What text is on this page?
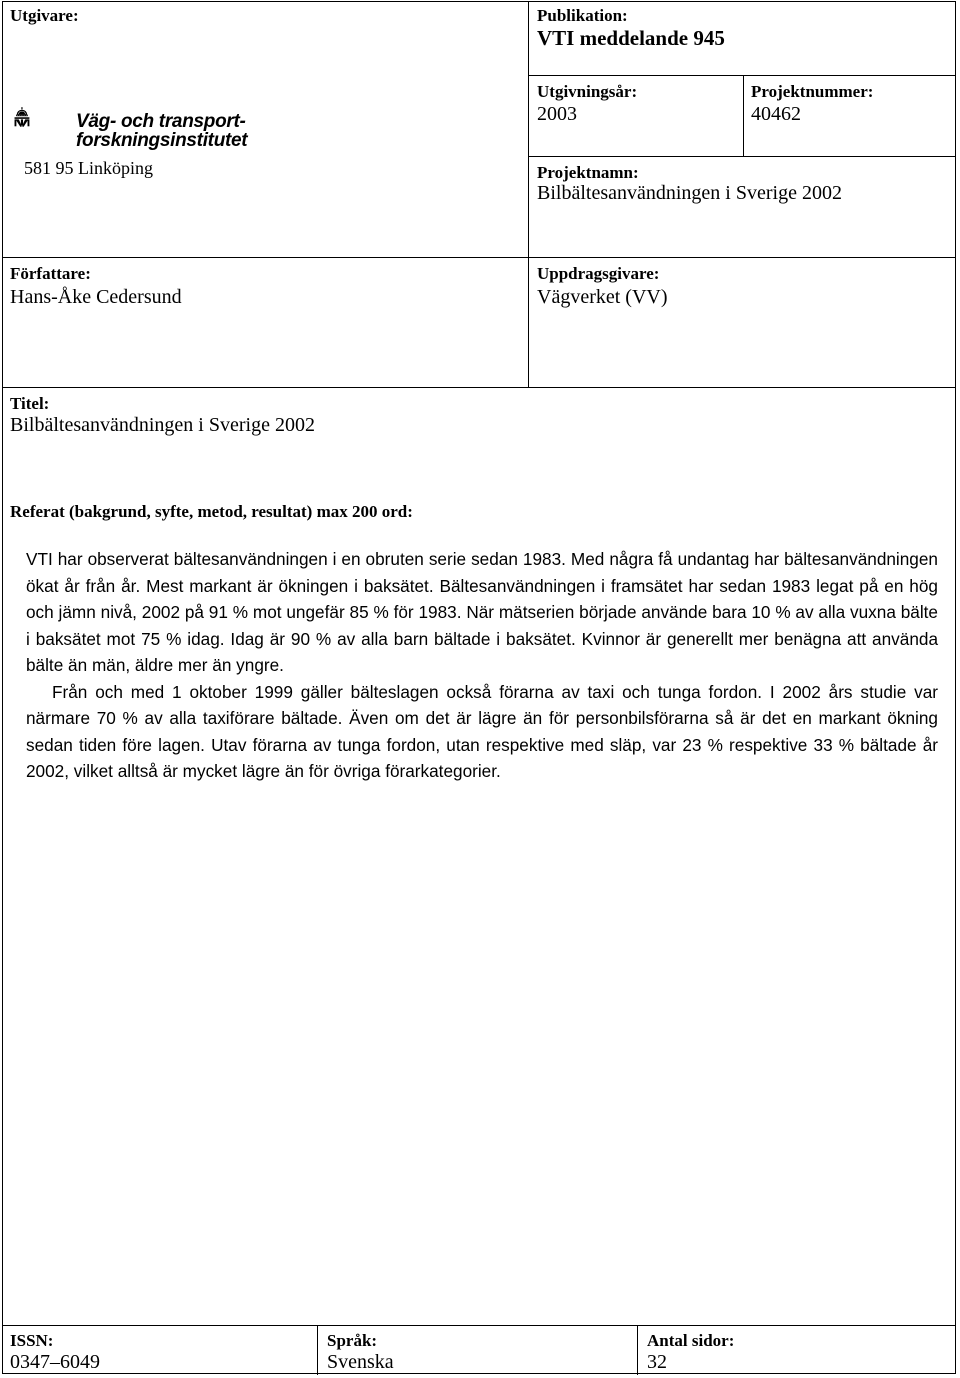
Utgivare:
Väg- och transport-
forskningsinstitutet
581 95 Linköping
Publikation:
VTI meddelande 945
Utgivningsår:
2003
Projektnummer:
40462
Projektnamn:
Bilbältesanvändningen i Sverige 2002
Författare:
Hans-Åke Cedersund
Uppdragsgivare:
Vägverket (VV)
Titel:
Bilbältesanvändningen i Sverige 2002
Referat (bakgrund, syfte, metod, resultat) max 200 ord:

VTI har observerat bältesanvändningen i en obruten serie sedan 1983. Med några få undantag har bältesanvändningen ökat år från år. Mest markant är ökningen i baksätet. Bältesanvändningen i framsätet har sedan 1983 legat på en hög och jämn nivå, 2002 på 91 % mot ungefär 85 % för 1983. När mätserien började använde bara 10 % av alla vuxna bälte i baksätet mot 75 % idag. Idag är 90 % av alla barn bältade i baksätet. Kvinnor är generellt mer benägna att använda bälte än män, äldre mer än yngre.

Från och med 1 oktober 1999 gäller bälteslagen också förarna av taxi och tunga fordon. I 2002 års studie var närmare 70 % av alla taxiförare bältade. Även om det är lägre än för personbilsförarna så är det en markant ökning sedan tiden före lagen. Utav förarna av tunga fordon, utan respektive med släp, var 23 % respektive 33 % bältade år 2002, vilket alltså är mycket lägre än för övriga förarkategorier.

ISSN:
0347–6049
Språk:
Svenska
Antal sidor:
32
